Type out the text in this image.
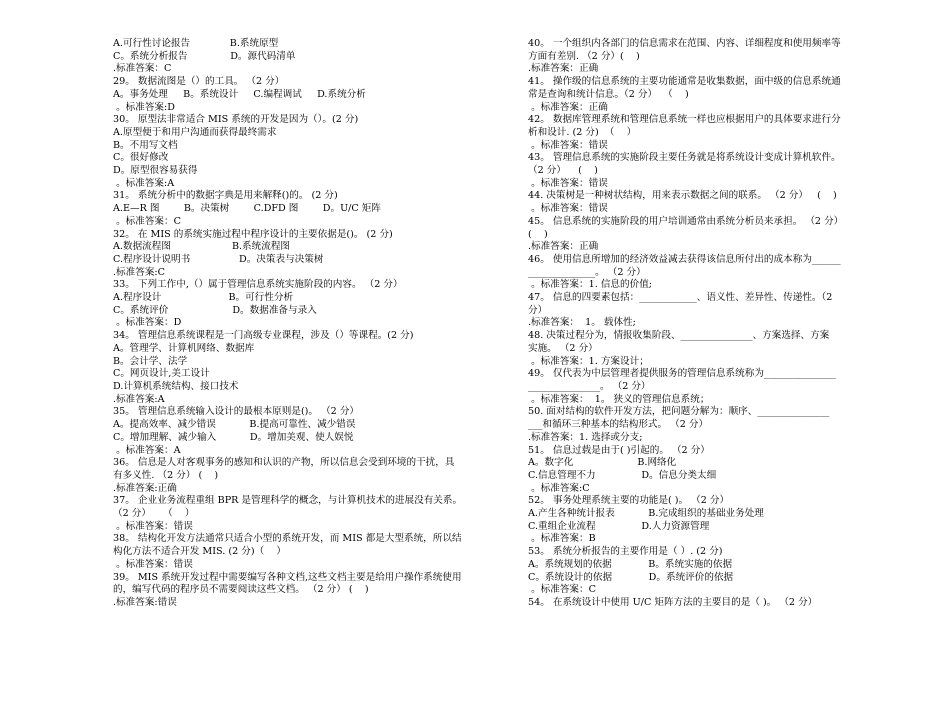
A.可行性讨论报告             B.系统原型
C。系统分析报告              D。源代码清单
.标准答案：C
29。 数据流图是（）的工具。 （2 分）
A。事务处理     B。系统设计     C.编程调试     D.系统分析
。标准答案:D
30。 原型法非常适合 MIS 系统的开发是因为（）。(2 分)
A.原型便于和用户沟通而获得最终需求
B。不用写文档
C。很好修改
D。原型很容易获得
。标准答案:A
31。 系统分析中的数据字典是用来解释()的。 (2 分)
A.E—R 图        B。决策树        C.DFD 图        D。U/C 矩阵
。标准答案：C
32。 在 MIS 的系统实施过程中程序设计的主要依据是()。 (2 分)
A.数据流程图                    B.系统流程图
C.程序设计说明书                D。决策表与决策树
.标准答案:C
33。 下列工作中,（）属于管理信息系统实施阶段的内容。 （2 分）
A.程序设计                      B。可行性分析
C。系统评价                     D。数据准备与录入
。标准答案：D
34。 管理信息系统课程是一门高级专业课程，涉及（）等课程。(2 分)
A。管理学、计算机网络、数据库
B。会计学、法学
C。网页设计,美工设计
D.计算机系统结构、接口技术
.标准答案:A
35。 管理信息系统输入设计的最根本原则是()。 （2 分）
A。提高效率、减少错误           B.提高可靠性、减少错误
C。增加理解、减少输入           D。增加美观、使人娱悦
。标准答案：A
36。 信息是人对客观事务的感知和认识的产物，所以信息会受到环境的干扰，具
有多义性. （2 分） (    )
.标准答案:正确
37。 企业业务流程重组 BPR 是管理科学的概念，与计算机技术的进展没有关系。
（2 分）    （    ）
。标准答案：错误
38。 结构化开发方法通常只适合小型的系统开发，而 MIS 都是大型系统，所以结
构化方法不适合开发 MIS. (2 分)（    ）
。标准答案：错误
39。 MIS 系统开发过程中需要编写各种文档,这些文档主要是给用户操作系统使用
的，编写代码的程序员不需要阅读这些文档。 （2 分） (    )
.标准答案:错误
40。 一个组织内各部门的信息需求在范围、内容、详细程度和使用频率等
方面有差别. （2 分）(    )
.标准答案：正确
41。 操作级的信息系统的主要功能通常是收集数据，面中级的信息系统通
常是查询和统计信息。（2 分）  （    )
。标准答案：正确
42。 数据库管理系统和管理信息系统一样也应根据用户的具体要求进行分
析和设计. (2 分)  （    ）
。标准答案：错误
43。 管理信息系统的实施阶段主要任务就是将系统设计变成计算机软件。
（2 分）    (    )
。标准答案：错误
44. 决策树是一种树状结构，用来表示数据之间的联系。 （2 分）   (    )
。标准答案：错误
45。 信息系统的实施阶段的用户培训通常由系统分析员来承担。 （2 分）
(    )
.标准答案：正确
46。 使用信息所增加的经济效益减去获得该信息所付出的成本称为______
______________。 （2 分）
。标准答案：1. 信息的价值;
47。 信息的四要素包括：____________、语义性、差异性、传递性。（2
分）
.标准答案：  1。 载体性;
48. 决策过程分为，情报收集阶段、_______________、方案选择、方案
实施。 （2 分）
。标准答案：1. 方案设计；
49。 仅代表为中层管理者提供服务的管理信息系统称为_______________
_______________。 （2 分）
。标准答案：  1。 狭义的管理信息系统；
50. 面对结构的软件开发方法，把问题分解为：顺序、_______________
___和循环三种基本的结构形式。 （2 分）
.标准答案：1. 选择或分支;
51。 信息过载是由于( )引起的。 （2 分）
A。数字化                     B.网络化
C.信息管理不力               D。信息分类太细
。标准答案:C
52。 事务处理系统主要的功能是( )。 （2 分）
A.产生各种统计报表           B.完成组织的基础业务处理
C.重组企业流程               D.人力资源管理
。标准答案：B
53。 系统分析报告的主要作用是（ ）. (2 分)
A。系统规划的依据            B。系统实施的依据
C。系统设计的依据            D。系统评价的依据
。标准答案：C
54。 在系统设计中使用 U/C 矩阵方法的主要目的是（ )。 （2 分）
